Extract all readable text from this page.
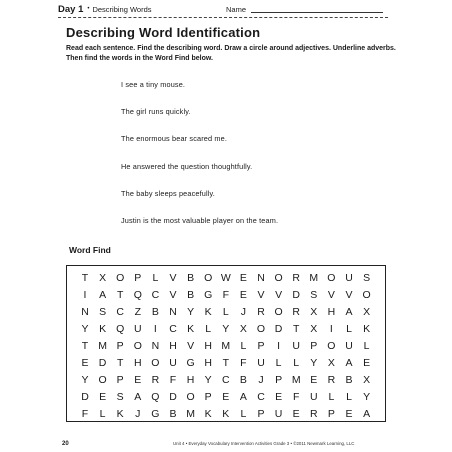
Day 1 • Describing Words	Name
Describing Word Identification
Read each sentence. Find the describing word. Draw a circle around adjectives. Underline adverbs. Then find the words in the Word Find below.
I see a tiny mouse.
The girl runs quickly.
The enormous bear scared me.
He answered the question thoughtfully.
The baby sleeps peacefully.
Justin is the most valuable player on the team.
Word Find
T	X O P	L	V	B O W E N O R M O U S
I	A	T Q C V	B G F	E	V	V D S	V	V O
N S C	Z	B N Y	K	L	J	R O R X H A	X
Y	K Q U	I	C K	L	Y	X O D	T	X	I	L	K
T M P O N H V H M L	P	I	U P O U	L
E D	T	H O U G H	T	F	U	L	L	Y	X	A	E
Y O P	E R	F	H Y C B	J	P M E R B	X
D E	S	A Q D O P	E	A C E	F	U	L	L	Y
F	L	K	J	G B M K	K	L	P U E R P	E	A
20	Unit 4 • Everyday Vocabulary Intervention Activities Grade 3 • ©2011 Newmark Learning, LLC
